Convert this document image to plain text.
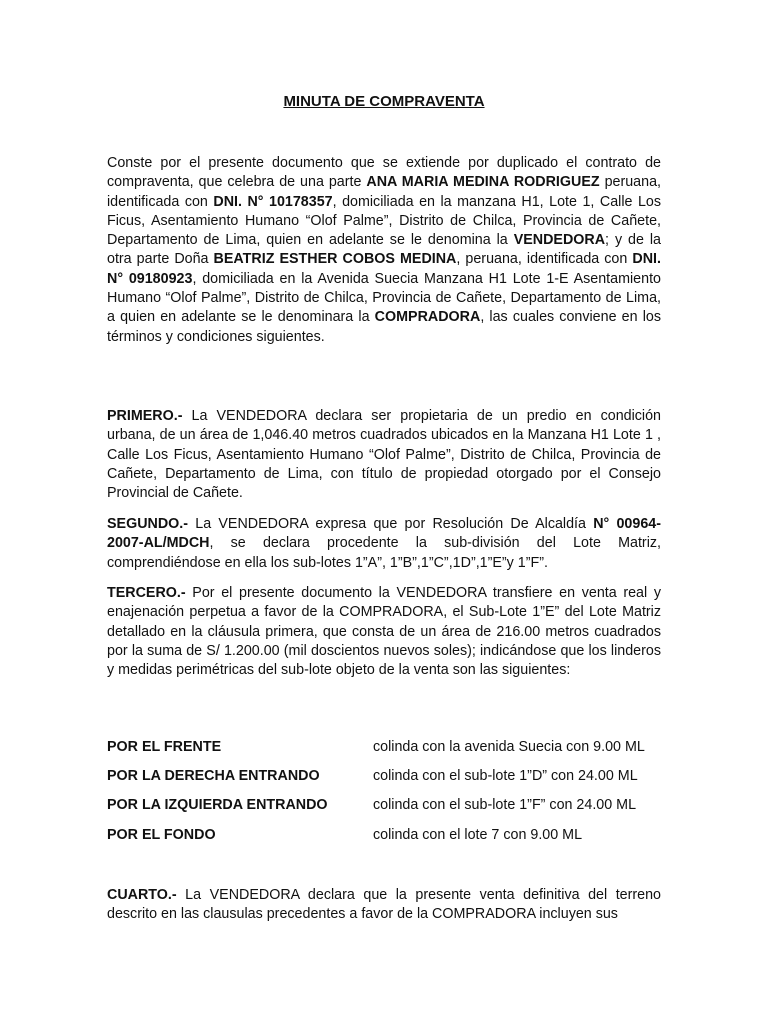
MINUTA DE COMPRAVENTA
Conste por el presente documento que se extiende por duplicado el contrato de compraventa, que celebra de una parte ANA MARIA MEDINA RODRIGUEZ peruana, identificada con DNI. N° 10178357, domiciliada en la manzana H1, Lote 1, Calle Los Ficus, Asentamiento Humano “Olof Palme”, Distrito de Chilca, Provincia de Cañete, Departamento de Lima, quien en adelante se le denomina la VENDEDORA; y de la otra parte Doña BEATRIZ ESTHER COBOS MEDINA, peruana, identificada con DNI. N° 09180923, domiciliada en la Avenida Suecia Manzana H1 Lote 1-E Asentamiento Humano “Olof Palme”, Distrito de Chilca, Provincia de Cañete, Departamento de Lima, a quien en adelante se le denominara la COMPRADORA, las cuales conviene en los términos y condiciones siguientes.
PRIMERO.- La VENDEDORA declara ser propietaria de un predio en condición urbana, de un área de 1,046.40 metros cuadrados ubicados en la Manzana H1 Lote 1 , Calle Los Ficus, Asentamiento Humano “Olof Palme”, Distrito de Chilca, Provincia de Cañete, Departamento de Lima, con título de propiedad otorgado por el Consejo Provincial de Cañete.
SEGUNDO.- La VENDEDORA expresa que por Resolución De Alcaldía N° 00964-2007-AL/MDCH, se declara procedente la sub-división del Lote Matriz, comprendiéndose en ella los sub-lotes 1”A”, 1”B”,1”C”,1D”,1”E”y 1”F”.
TERCERO.- Por el presente documento la VENDEDORA transfiere en venta real y enajenación perpetua a favor de la COMPRADORA, el Sub-Lote 1”E” del Lote Matriz detallado en la cláusula primera, que consta de un área de 216.00 metros cuadrados por la suma de S/ 1.200.00 (mil doscientos nuevos soles); indicándose que los linderos y medidas perimétricas del sub-lote objeto de la venta son las siguientes:
POR EL FRENTE	colinda con la avenida Suecia con 9.00 ML
POR LA DERECHA ENTRANDO	colinda con el sub-lote 1”D” con 24.00 ML
POR LA IZQUIERDA ENTRANDO	colinda con el sub-lote 1”F” con 24.00 ML
POR EL FONDO	colinda con el lote 7 con 9.00 ML
CUARTO.- La VENDEDORA declara que la presente venta definitiva del terreno descrito en las clausulas precedentes a favor de la COMPRADORA incluyen sus
